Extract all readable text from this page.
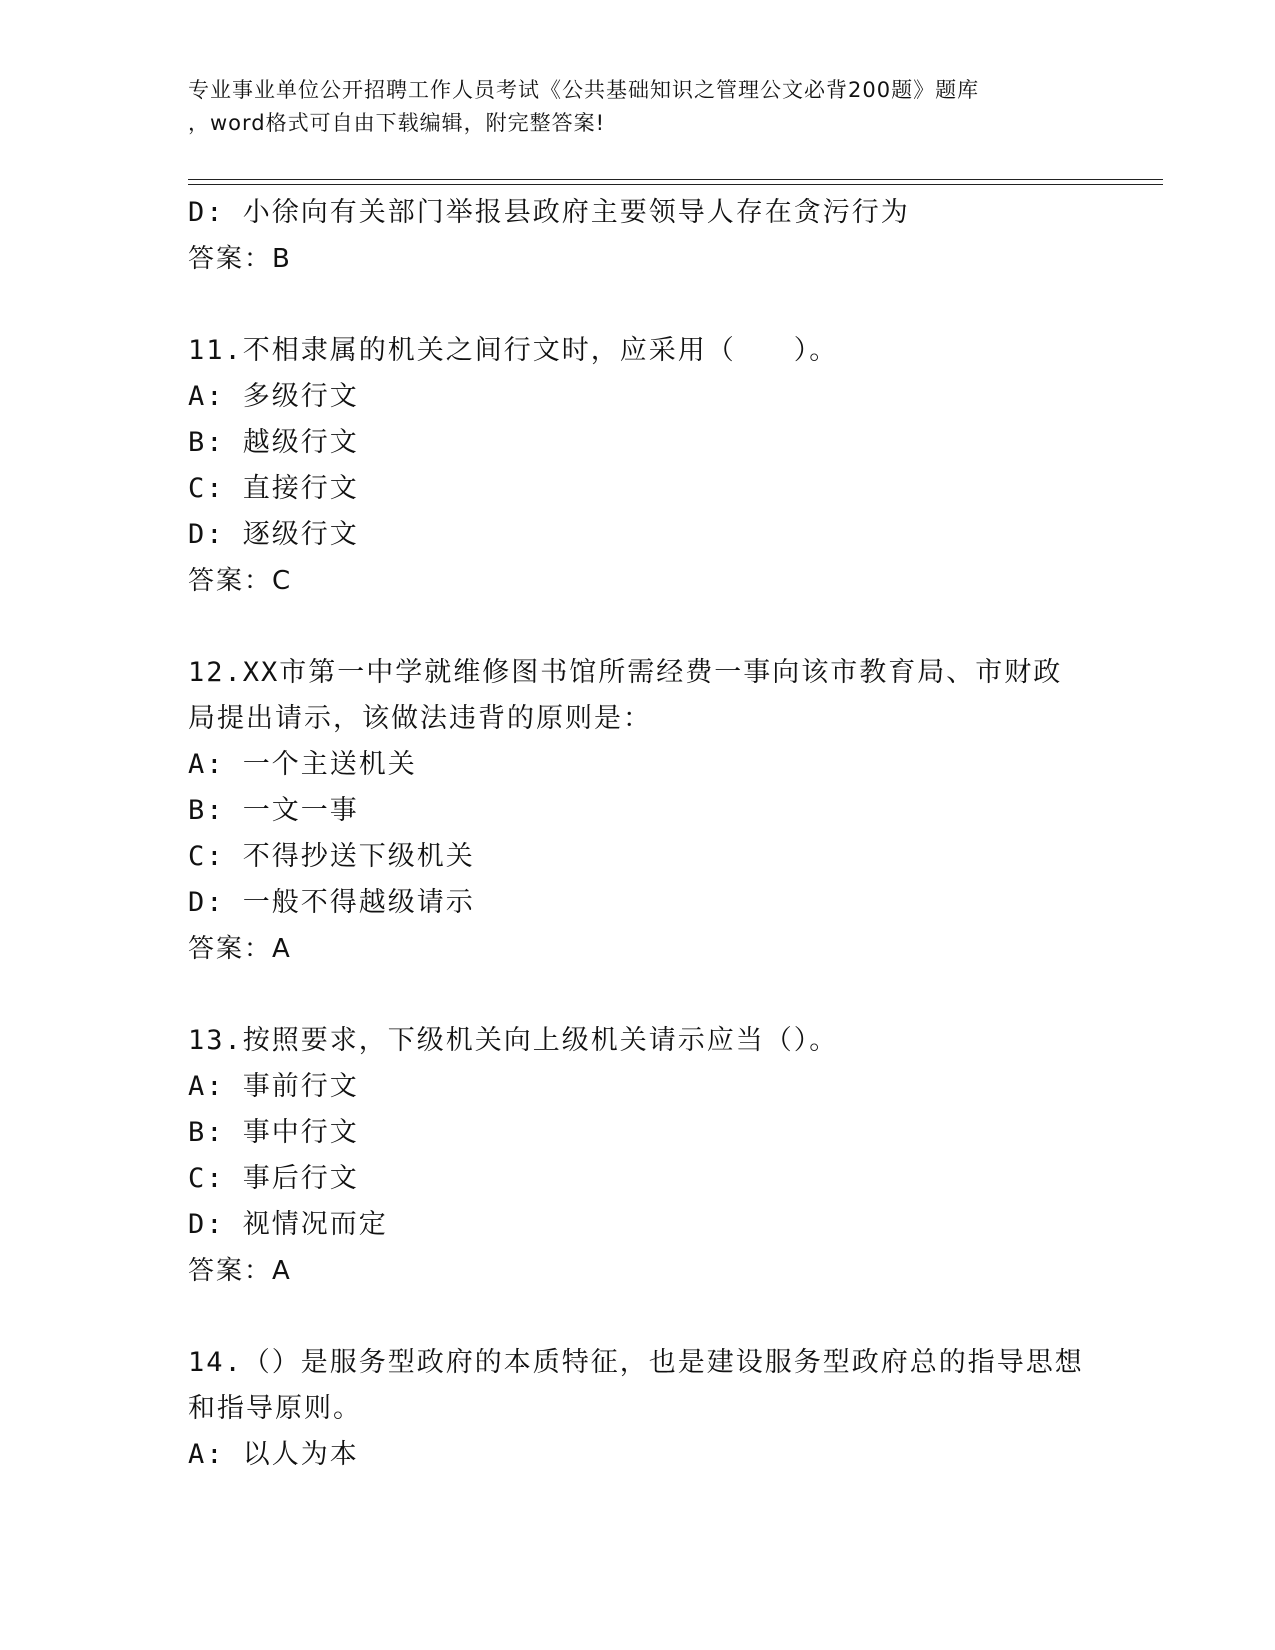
专业事业单位公开招聘工作人员考试《公共基础知识之管理公文必背200题》题库
，word格式可自由下载编辑，附完整答案!
D: 小徐向有关部门举报县政府主要领导人存在贪污行为
答案：B
11.不相隶属的机关之间行文时，应采用（　　）。
A: 多级行文
B: 越级行文
C: 直接行文
D: 逐级行文
答案：C
12.XX市第一中学就维修图书馆所需经费一事向该市教育局、市财政局提出请示，该做法违背的原则是：
A: 一个主送机关
B: 一文一事
C: 不得抄送下级机关
D: 一般不得越级请示
答案：A
13.按照要求，下级机关向上级机关请示应当（）。
A: 事前行文
B: 事中行文
C: 事后行文
D: 视情况而定
答案：A
14.（）是服务型政府的本质特征，也是建设服务型政府总的指导思想和指导原则。
A: 以人为本
